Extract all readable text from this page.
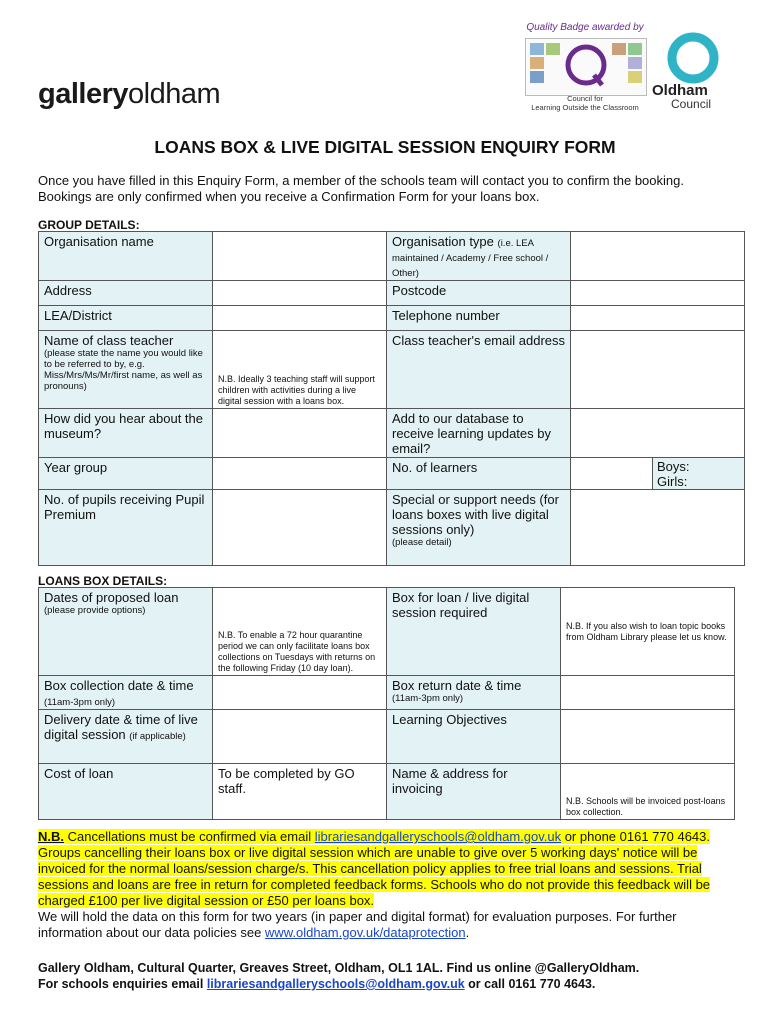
galleryoldham
Quality Badge awarded by
Council for
Learning Outside the Classroom
Oldham
Council
LOANS BOX & LIVE DIGITAL SESSION ENQUIRY FORM
Once you have filled in this Enquiry Form, a member of the schools team will contact you to confirm the booking. Bookings are only confirmed when you receive a Confirmation Form for your loans box.
GROUP DETAILS:
Organisation name		Organisation type (i.e. LEA maintained / Academy / Free school / Other)	
Address		Postcode	
LEA/District		Telephone number	

Name of class teacher
(please state the name you would like to be referred to by, e.g. Miss/Mrs/Ms/Mr/first name, as well as pronouns)	N.B. Ideally 3 teaching staff will support children with activities during a live digital session with a loans box.	Class teacher's email address	
How did you hear about the museum?		Add to our database to receive learning updates by email?	
Year group		No. of learners	Boys:
Girls:

No. of pupils receiving Pupil Premium		Special or support needs (for loans boxes with live digital sessions only)
(please detail)	

LOANS BOX DETAILS:
Dates of proposed loan
(please provide options)	N.B. To enable a 72 hour quarantine period we can only facilitate loans box collections on Tuesdays with returns on the following Friday (10 day loan).	Box for loan / live digital session required	N.B. If you also wish to loan topic books from Oldham Library please let us know.

Box collection date & time (11am-3pm only)		Box return date & time
(11am-3pm only)	

Delivery date & time of live digital session (if applicable)		Learning Objectives	
Cost of loan	To be completed by GO staff.	Name & address for invoicing	N.B. Schools will be invoiced post-loans box collection.
N.B. Cancellations must be confirmed via email librariesandgalleryschools@oldham.gov.uk or phone 0161 770 4643. Groups cancelling their loans box or live digital session which are unable to give over 5 working days' notice will be invoiced for the normal loans/session charge/s. This cancellation policy applies to free trial loans and sessions. Trial sessions and loans are free in return for completed feedback forms. Schools who do not provide this feedback will be charged £100 per live digital session or £50 per loans box.
We will hold the data on this form for two years (in paper and digital format) for evaluation purposes. For further information about our data policies see www.oldham.gov.uk/dataprotection.
Gallery Oldham, Cultural Quarter, Greaves Street, Oldham, OL1 1AL. Find us online @GalleryOldham.
For schools enquiries email librariesandgalleryschools@oldham.gov.uk or call 0161 770 4643.
